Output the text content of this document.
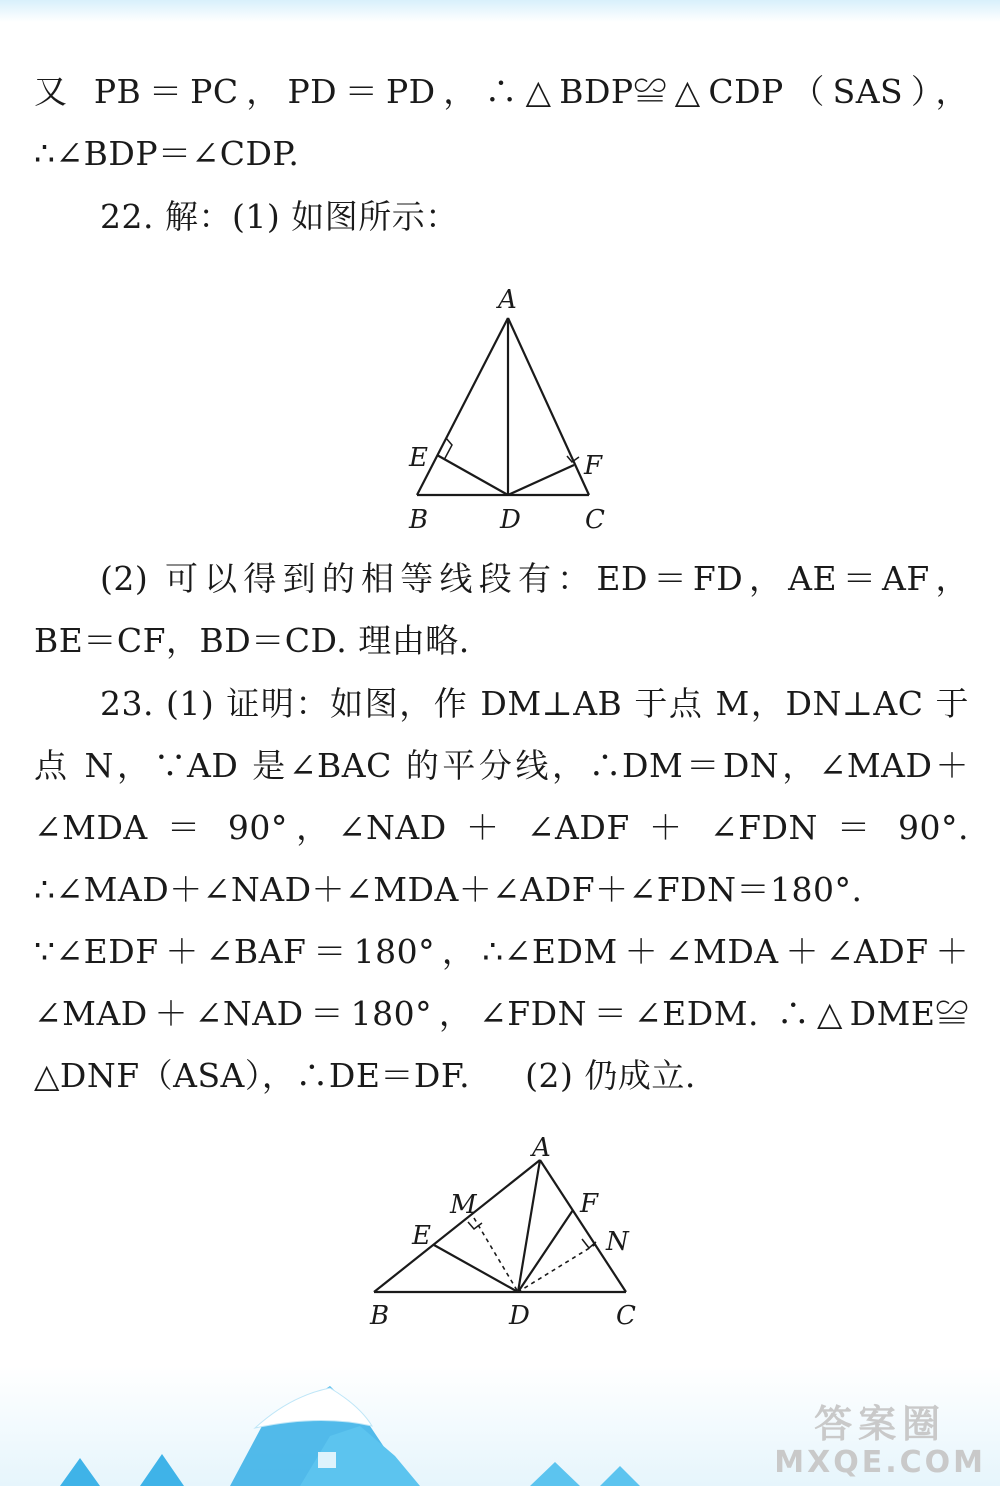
又 PB＝PC，PD＝PD，∴△BDP≌△CDP（SAS），
∴∠BDP＝∠CDP.
22. 解：(1) 如图所示：
A
B	D C
E	F
(2) 可以得到的相等线段有：ED＝FD，AE＝AF，
BE＝CF，BD＝CD. 理由略.
23. (1) 证明：如图，作 DM⊥AB 于点 M，DN⊥AC 于
点 N，∵AD 是∠BAC 的平分线，∴DM＝DN，∠MAD＋
∠MDA ＝ 90°，∠NAD ＋ ∠ADF ＋ ∠FDN ＝ 90°.
∴∠MAD＋∠NAD＋∠MDA＋∠ADF＋∠FDN＝180°.
∵∠EDF＋∠BAF＝180°，∴∠EDM＋∠MDA＋∠ADF＋
∠MAD＋∠NAD＝180°，∠FDN＝∠EDM. ∴△DME≌
△DNF（ASA），∴DE＝DF.     (2) 仍成立.
A
M
E
F
N
B	D	C
答案圈
MXQE.COM
